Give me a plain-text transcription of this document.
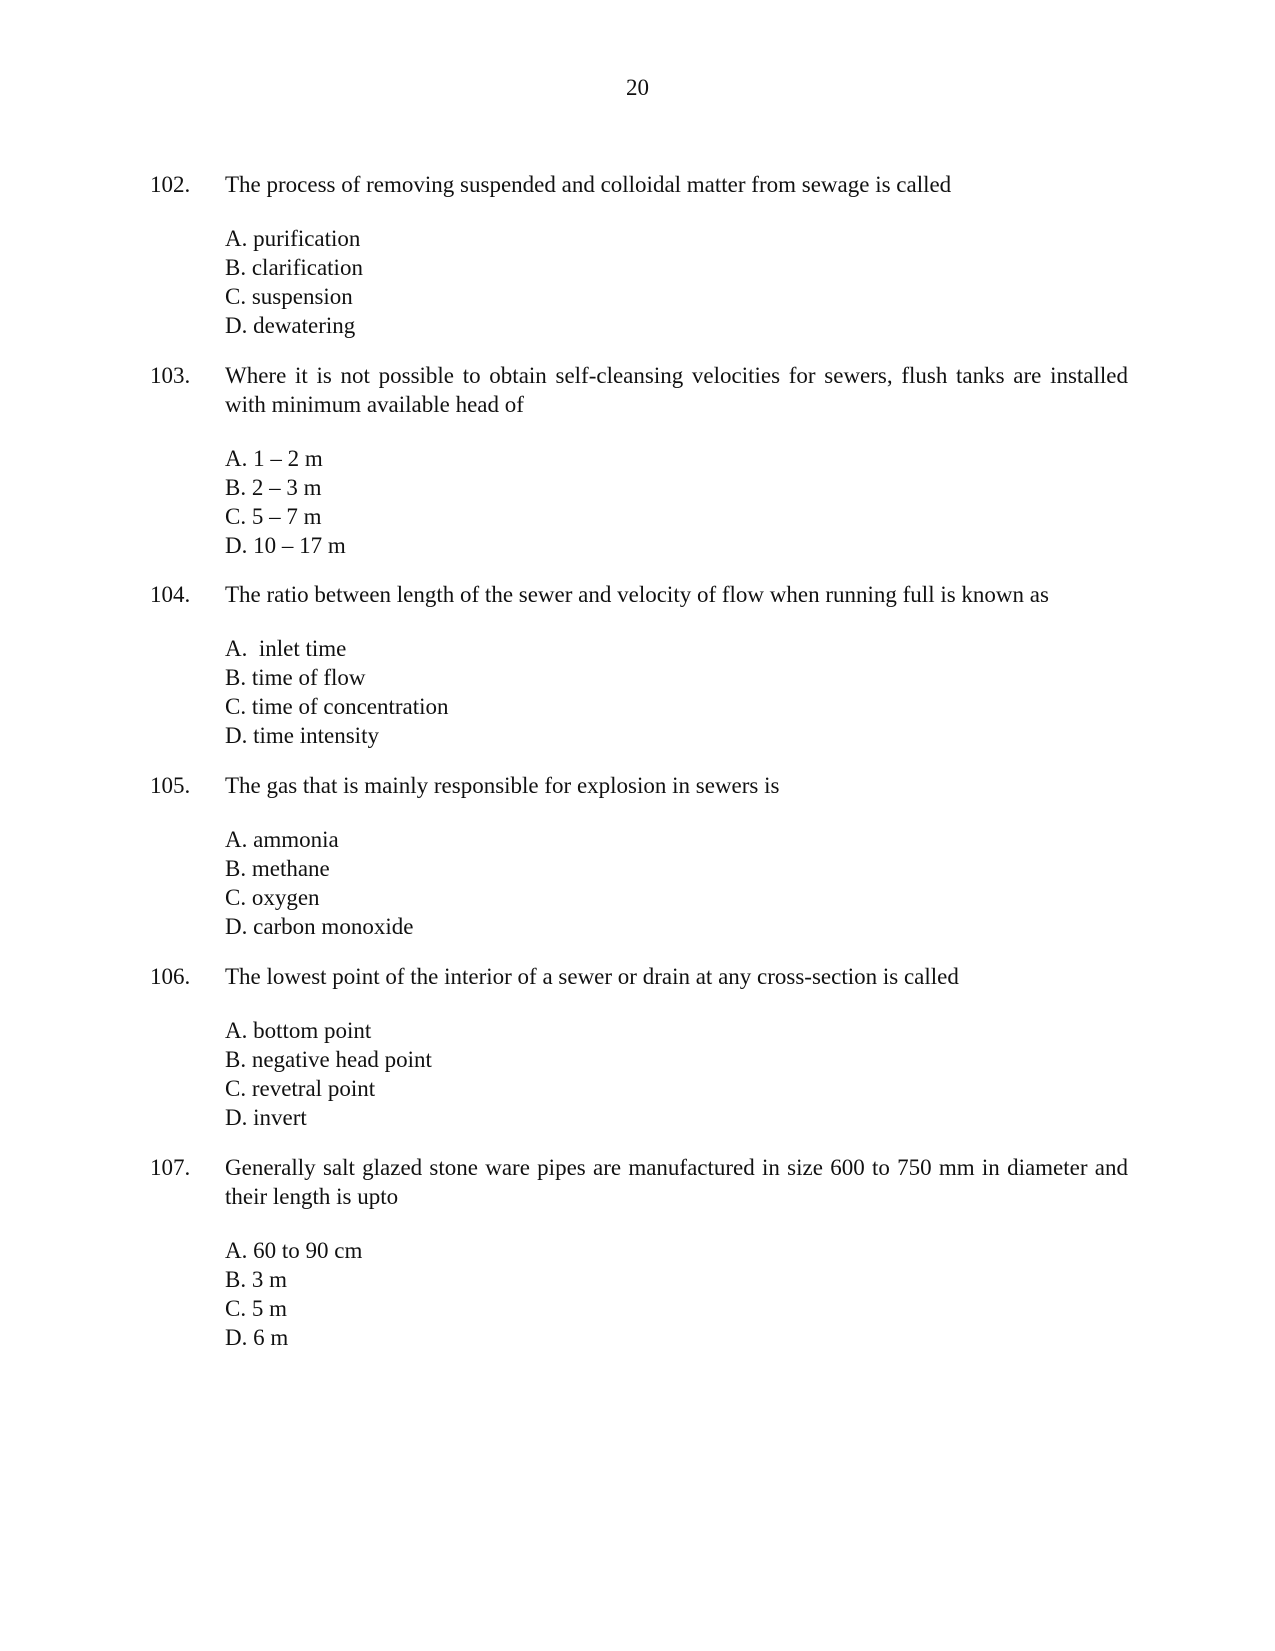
20
102. The process of removing suspended and colloidal matter from sewage is called
A. purification
B. clarification
C. suspension
D. dewatering
103. Where it is not possible to obtain self-cleansing velocities for sewers, flush tanks are installed with minimum available head of
A. 1 – 2 m
B. 2 – 3 m
C. 5 – 7 m
D. 10 – 17 m
104. The ratio between length of the sewer and velocity of flow when running full is known as
A.  inlet time
B. time of flow
C. time of concentration
D. time intensity
105. The gas that is mainly responsible for explosion in sewers is
A. ammonia
B. methane
C. oxygen
D. carbon monoxide
106. The lowest point of the interior of a sewer or drain at any cross-section is called
A. bottom point
B. negative head point
C. revetral point
D. invert
107. Generally salt glazed stone ware pipes are manufactured in size 600 to 750 mm in diameter and their length is upto
A. 60 to 90 cm
B. 3 m
C. 5 m
D. 6 m
